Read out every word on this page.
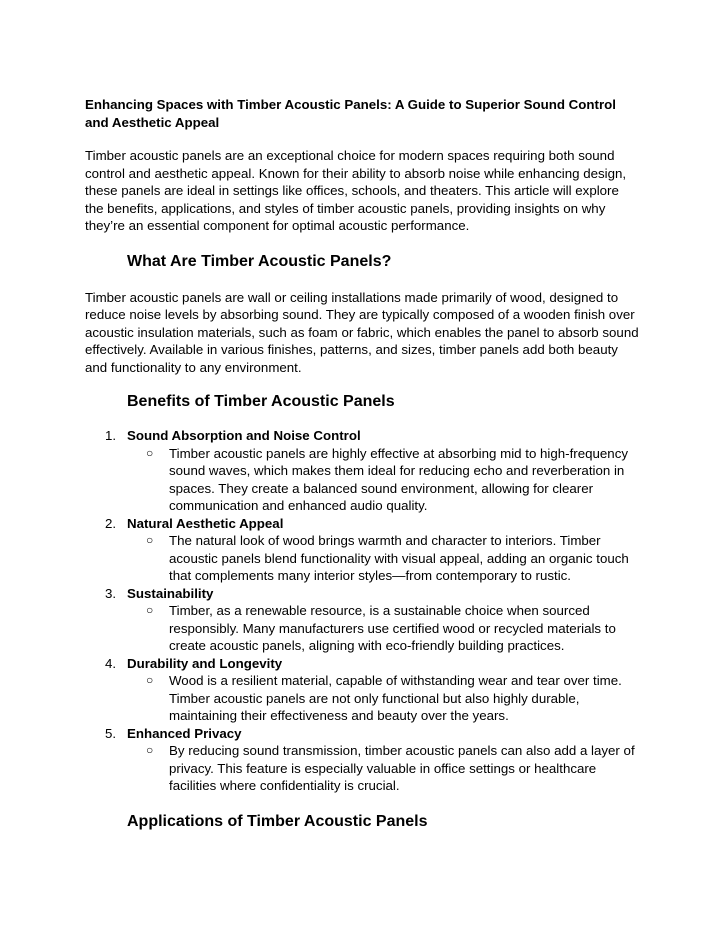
Enhancing Spaces with Timber Acoustic Panels: A Guide to Superior Sound Control and Aesthetic Appeal

Timber acoustic panels are an exceptional choice for modern spaces requiring both sound control and aesthetic appeal. Known for their ability to absorb noise while enhancing design, these panels are ideal in settings like offices, schools, and theaters. This article will explore the benefits, applications, and styles of timber acoustic panels, providing insights on why they’re an essential component for optimal acoustic performance.

What Are Timber Acoustic Panels?

Timber acoustic panels are wall or ceiling installations made primarily of wood, designed to reduce noise levels by absorbing sound. They are typically composed of a wooden finish over acoustic insulation materials, such as foam or fabric, which enables the panel to absorb sound effectively. Available in various finishes, patterns, and sizes, timber panels add both beauty and functionality to any environment.

Benefits of Timber Acoustic Panels
1. Sound Absorption and Noise Control

○ Timber acoustic panels are highly effective at absorbing mid to high-frequency sound waves, which makes them ideal for reducing echo and reverberation in spaces. They create a balanced sound environment, allowing for clearer communication and enhanced audio quality.
2. Natural Aesthetic Appeal

○ The natural look of wood brings warmth and character to interiors. Timber acoustic panels blend functionality with visual appeal, adding an organic touch that complements many interior styles—from contemporary to rustic.
3. Sustainability

○ Timber, as a renewable resource, is a sustainable choice when sourced responsibly. Many manufacturers use certified wood or recycled materials to create acoustic panels, aligning with eco-friendly building practices.
4. Durability and Longevity

○ Wood is a resilient material, capable of withstanding wear and tear over time. Timber acoustic panels are not only functional but also highly durable, maintaining their effectiveness and beauty over the years.
5. Enhanced Privacy

○ By reducing sound transmission, timber acoustic panels can also add a layer of privacy. This feature is especially valuable in office settings or healthcare facilities where confidentiality is crucial.
Applications of Timber Acoustic Panels
